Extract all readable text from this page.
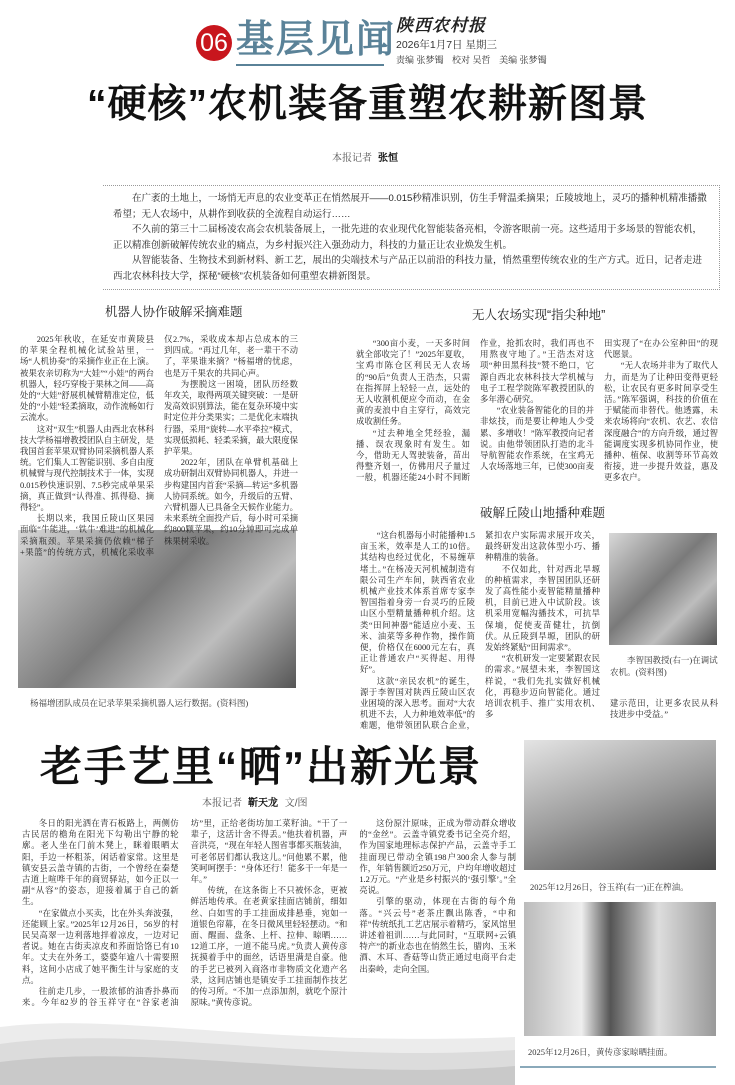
06 基层见闻 陕西农村报
2026年1月7日 星期三
责编 张梦镯 校对 吴哲 美编 张梦镯
“硬核”农机装备重塑农耕新图景
本报记者 张恒

在广袤的土地上，一场悄无声息的农业变革正在悄然展开——0.015秒精准识别，仿生手臂温柔摘果；丘陵坡地上，灵巧的播种机精准播撒希望；无人农场中，从耕作到收获的全流程自动运行……

不久前的第三十二届杨凌农高会农机装备展上，一批先进的农业现代化智能装备亮相，令游客眼前一亮。这些适用于多场景的智能农机，正以精准创新破解传统农业的痛点，为乡村振兴注入强劲动力，科技的力量正让农业焕发生机。

从智能装备、生物技术到新材料、新工艺，展出的尖端技术与产品正以前沿的科技力量，悄然重塑传统农业的生产方式。近日，记者走进西北农林科技大学，探秘“硬核”农机装备如何重塑农耕新图景。

机器人协作破解采摘难题

2025年秋收，在延安市黄陵县的苹果全程机械化试验站里，一场“人机协奏”的采摘作业正在上演。被果农亲切称为“大娃”“小娃”的两台机器人，轻巧穿梭于果林之间——高处的“大娃”舒展机械臂精准定位，低处的“小娃”轻柔摘取，动作流畅如行云流水。

这对“双生”机器人由西北农林科技大学杨福增教授团队自主研发，是我国首套苹果双臂协同采摘机器人系统。它们集人工智能识别、多自由度机械臂与现代控制技术于一体，实现0.015秒快速识别、7.5秒完成单果采摘，真正做到“认得准、抓得稳、摘得轻”。

长期以来，我国丘陵山区果园面临“牛能进，‘铁牛’难进”的机械化采摘瓶颈。苹果采摘仍依赖“梯子+果篮”的传统方式，机械化采收率仅2.7%，采收成本却占总成本的三到四成。“再过几年，老一辈干不动了，苹果谁来摘？”杨福增的忧虑，也是万千果农的共同心声。

为摆脱这一困境，团队历经数年攻关，取得两项关键突破：一是研发高效识别算法，能在复杂环境中实时定位并分类果实；二是优化末端执行器，采用“旋转—水平牵拉”模式，实现低损耗、轻柔采摘，最大限度保护苹果。

2022年，团队在单臂机基础上成功研制出双臂协同机器人，并进一步构建国内首套“采摘—转运”多机器人协同系统。如今，升级后的五臂、六臂机器人已具备全天候作业能力。未来系统全面投产后，每小时可采摘约800颗苹果，约10分钟即可完成单株果树采收。

无人农场实现“指尖种地”

“300亩小麦，一天多时间就全部收完了！”2025年夏收，宝鸡市陈仓区利民无人农场的“90后”负责人王浩杰，只需在指挥屏上轻轻一点，远处的无人收割机便应令而动，在金黄的麦浪中自主穿行，高效完成收割任务。

“过去种地全凭经验，漏播、误农现象时有发生。如今，借助无人驾驶装备，苗出得整齐划一，仿佛用尺子量过一般，机器还能24小时不间断作业，抢抓农时，我们再也不用熬夜守地了。”王浩杰对这项“种田黑科技”赞不绝口，它源自西北农林科技大学机械与电子工程学院陈军教授团队的多年潜心研究。

“农业装备智能化的目的并非炫技，而是要让种地人少受累、多增收！”陈军教授向记者说。由他带领团队打造的北斗导航智能农作系统，在宝鸡无人农场落地三年，已使300亩麦田实现了“在办公室种田”的现代愿景。

“无人农场并非为了取代人力，而是为了让种田变得更轻松，让农民有更多时间享受生活。”陈军强调，科技的价值在于赋能而非替代。他透露，未来农场将向“农机、农艺、农信深度融合”的方向升级，通过智能调度实现多机协同作业，使播种、植保、收割等环节高效衔接，进一步提升效益，惠及更多农户。

杨福增团队成员在记录苹果采摘机器人运行数据。(资料图)
破解丘陵山地播种难题

“这台机器每小时能播种1.5亩玉米，效率是人工的10倍。其结构也经过优化，不易缠草堵土。”在杨凌天河机械制造有限公司生产车间，陕西省农业机械产业技术体系首席专家李智国指着身旁一台灵巧的丘陵山区小型精量播种机介绍。这类“田间神器”能适应小麦、玉米、油菜等多种作物，操作简便，价格仅在6000元左右，真正让普通农户“买得起、用得好”。

这款“亲民农机”的诞生，源于李智国对陕西丘陵山区农业困境的深入思考。面对“大农机进不去，人力种地效率低”的难题，他带领团队联合企业，紧扣农户实际需求展开攻关，最终研发出这款体型小巧、播种精准的装备。

不仅如此，针对西北旱塬的种植需求，李智国团队还研发了高性能小麦智能精量播种机，目前已进入中试阶段。该机采用宽幅沟播技术，可抗旱保墒，促使麦苗健壮，抗倒伏。从丘陵到旱塬，团队的研发始终紧贴“田间需求”。

“农机研发一定要紧跟农民的需求。”展望未来，李智国这样说，“我们先扎实做好机械化，再稳步迈向智能化。通过培训农机手、推广实用农机、多

李智国教授(右一)在调试农机。(资料图)
建示范田，让更多农民从科技进步中受益。”
老手艺里“晒”出新光景
本报记者 靳天龙 文/图

冬日的阳光洒在青石板路上，两侧仿古民居的檐角在阳光下勾勒出宁静的轮廓。老人坐在门前木凳上，眯着眼晒太阳，手边一杯粗茶，闲话着家常。这里是镇安县云盖寺镇的古街，一个曾经在秦楚古道上喧哗千年的商贸驿站，如今正以一副“从容”的姿态，迎接着属于自己的新生。

“在家做点小买卖，比在外头奔波强，还能顾上家。”2025年12月26日，56岁的村民吴高翠一边利落地拌着凉皮，一边对记者说。她在古街卖凉皮和荞面饸饹已有10年。丈夫在外务工，婆婆年逾八十需要照料，这间小店成了她平衡生计与家庭的支点。

往前走几步，一股浓郁的油香扑鼻而来。今年82岁的谷玉祥守在“谷家老油坊”里，正给老街坊加工菜籽油。“干了一辈子，这活计舍不得丢。”他扶着机器，声音洪亮，“现在年轻人图省事都买瓶装油，可老邻居们都认我这儿。”问他累不累，他笑呵呵摆手：“身体还行！能多干一年是一年。”

传统，在这条街上不只被怀念，更被鲜活地传承。在老黄家挂面店铺前，细如丝、白如雪的手工挂面成排悬垂，宛如一道银色帘幕，在冬日微风里轻轻摆动。“和面、醒面、盘条、上杆、拉伸、晾晒……12道工序，一道不能马虎。”负责人黄传彦抚摸着手中的面丝，话语里满是自豪。他的手艺已被列入商洛市非物质文化遗产名录，这间店铺也是镇安手工挂面制作技艺的传习所。“不加一点添加剂，就吃个原汁原味。”黄传彦说。

这份原汁原味，正成为带动群众增收的“金丝”。云盖寺镇党委书记全亮介绍，作为国家地理标志保护产品，云盖寺手工挂面现已带动全镇198户300余人参与制作，年销售额近250万元，户均年增收超过1.2万元。“产业是乡村振兴的‘强引擎’。”全亮说。

引擎的驱动，体现在古街的每个角落。“兴云号”老茶庄飘出陈香，“中和祥”传统纸扎工艺店展示着精巧，家风馆里讲述着祖训……与此同时，“互联网+云镇特产”的新业态也在悄然生长，腊肉、玉米酒、木耳、香菇等山货正通过电商平台走出秦岭，走向全国。

2025年12月26日，谷玉祥(右一)正在榨油。
2025年12月26日，黄传彦家晾晒挂面。
